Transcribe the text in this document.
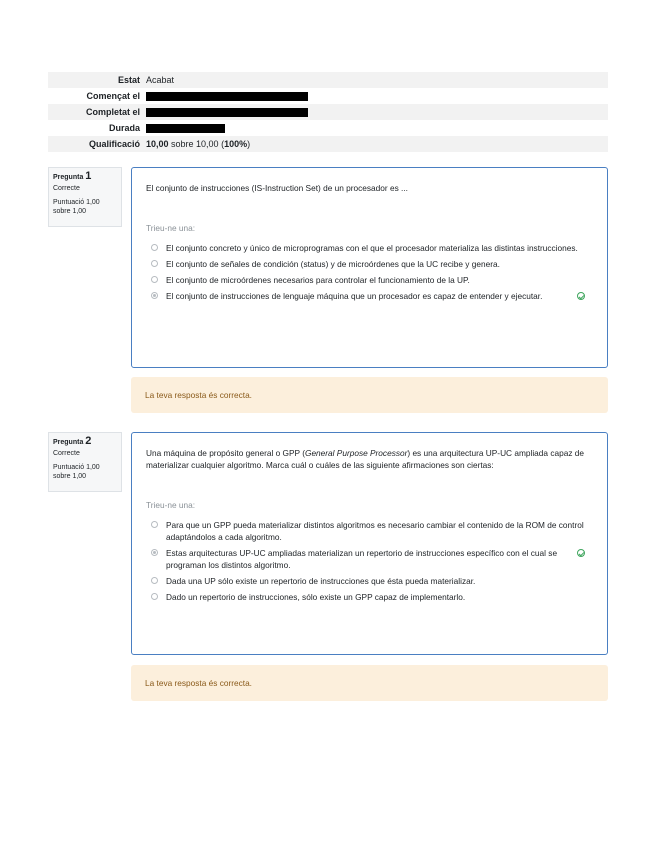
Estat	Acabat
Començat el	
Completat el	
Durada	
Qualificació	10,00 sobre 10,00 (100%)
Pregunta 1
Correcte
Puntuació 1,00 sobre 1,00

El conjunto de instrucciones (IS-Instruction Set) de un procesador es ...

Trieu-ne una:
El conjunto concreto y único de microprogramas con el que el procesador materializa las distintas instrucciones.
El conjunto de señales de condición (status) y de microórdenes que la UC recibe y genera.
El conjunto de microórdenes necesarios para controlar el funcionamiento de la UP.
El conjunto de instrucciones de lenguaje máquina que un procesador es capaz de entender y ejecutar.
La teva resposta és correcta.
Pregunta 2
Correcte
Puntuació 1,00 sobre 1,00

Una máquina de propósito general o GPP (General Purpose Processor) es una arquitectura UP-UC ampliada capaz de materializar cualquier algoritmo. Marca cuál o cuáles de las siguiente afirmaciones son ciertas:

Trieu-ne una:
Para que un GPP pueda materializar distintos algoritmos es necesario cambiar el contenido de la ROM de control adaptándolos a cada algoritmo.
Estas arquitecturas UP-UC ampliadas materializan un repertorio de instrucciones específico con el cual se programan los distintos algoritmo.
Dada una UP sólo existe un repertorio de instrucciones que ésta pueda materializar.
Dado un repertorio de instrucciones, sólo existe un GPP capaz de implementarlo.
La teva resposta és correcta.
